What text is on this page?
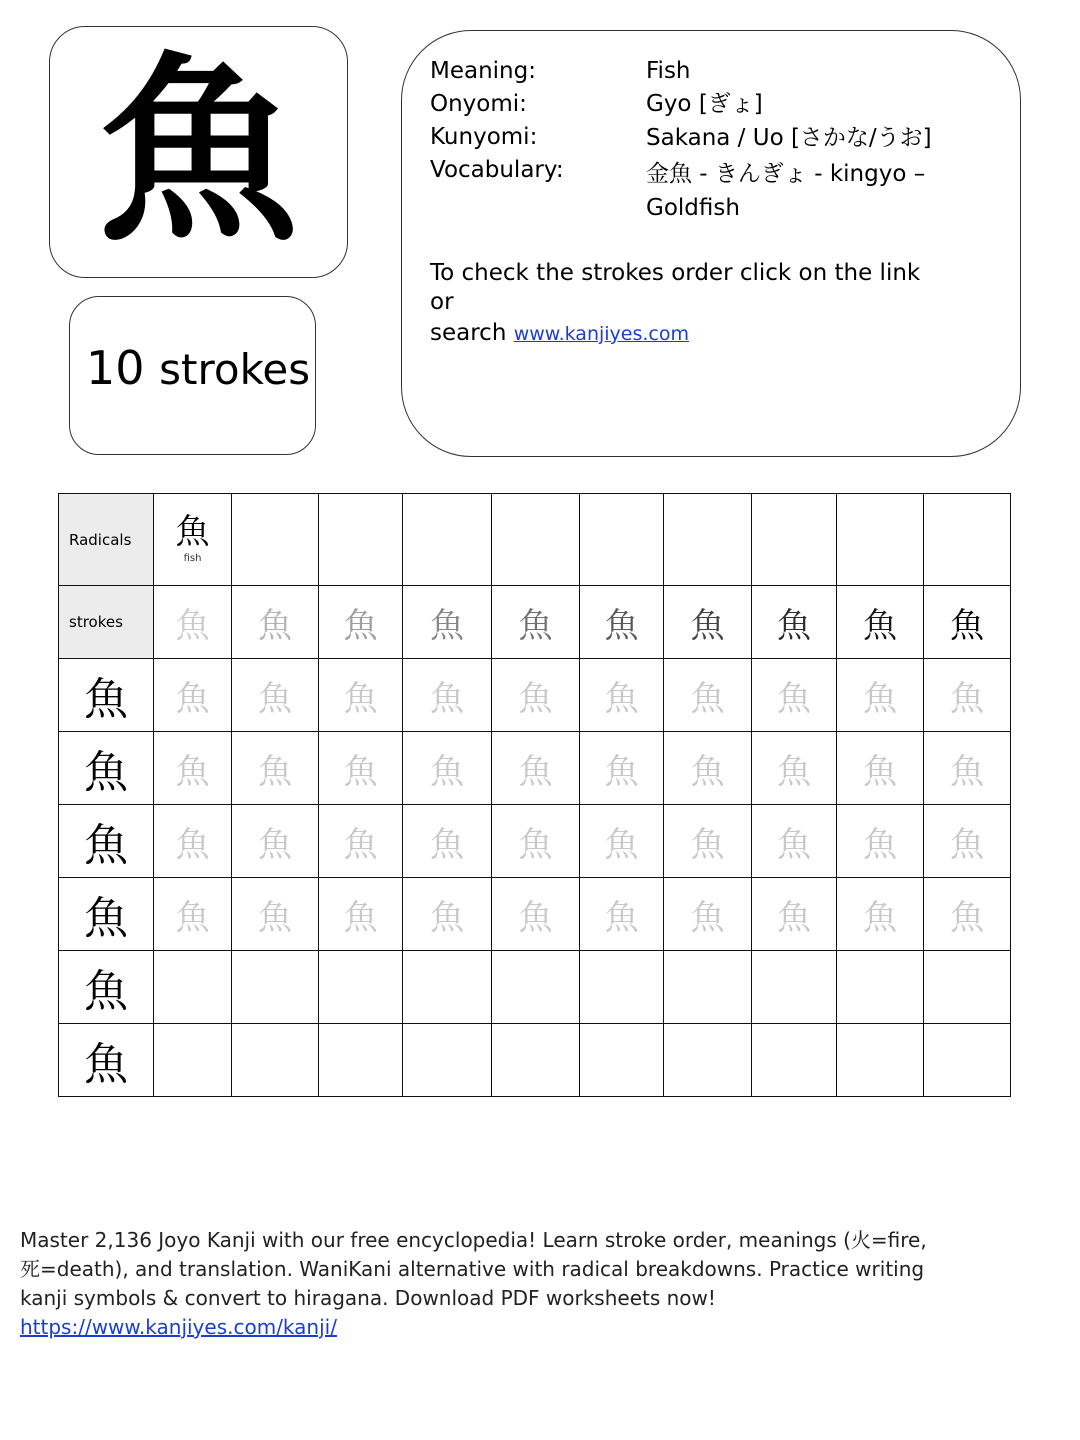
魚
10 strokes
Meaning:	Fish
Onyomi:	Gyo [ぎょ]
Kunyomi:	Sakana / Uo [さかな/うお]
Vocabulary:	金魚 - きんぎょ - kingyo –
Goldfish
To check the strokes order click on the link
or
search www.kanjiyes.com
Radicals	魚
fish									

strokes	魚	魚	魚	魚	魚	魚	魚	魚	魚	魚
魚	魚	魚	魚	魚	魚	魚	魚	魚	魚	魚
魚	魚	魚	魚	魚	魚	魚	魚	魚	魚	魚
魚	魚	魚	魚	魚	魚	魚	魚	魚	魚	魚
魚	魚	魚	魚	魚	魚	魚	魚	魚	魚	魚
魚										
魚										
Master 2,136 Joyo Kanji with our free encyclopedia! Learn stroke order, meanings (火=fire, 死=death), and translation. WaniKani alternative with radical breakdowns. Practice writing kanji symbols & convert to hiragana. Download PDF worksheets now!
https://www.kanjiyes.com/kanji/
